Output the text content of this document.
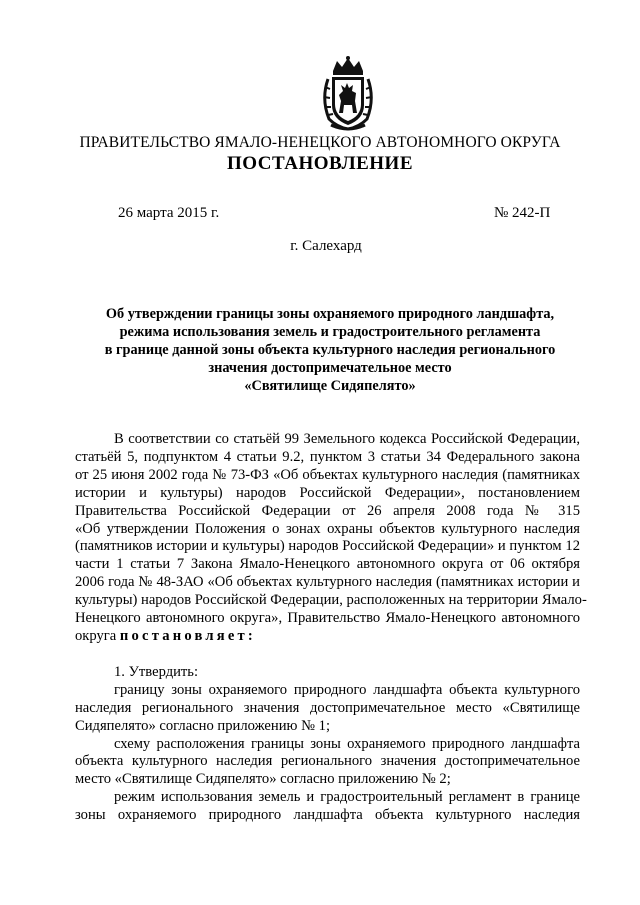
ПРАВИТЕЛЬСТВО ЯМАЛО-НЕНЕЦКОГО АВТОНОМНОГО ОКРУГА
ПОСТАНОВЛЕНИЕ
26 марта 2015 г.	№ 242-П
г. Салехард
Об утверждении границы зоны охраняемого природного ландшафта,
режима использования земель и градостроительного регламента
в границе данной зоны объекта культурного наследия регионального
значения достопримечательное место
«Святилище Сидяпелято»
В соответствии со статьёй 99 Земельного кодекса Российской Федерации,
статьёй 5, подпунктом 4 статьи 9.2, пунктом 3 статьи 34 Федерального закона
от 25 июня 2002 года № 73-ФЗ «Об объектах культурного наследия (памятниках
истории и культуры) народов Российской Федерации», постановлением
Правительства Российской Федерации от 26 апреля 2008 года № 315
«Об утверждении Положения о зонах охраны объектов культурного наследия
(памятников истории и культуры) народов Российской Федерации» и пунктом 12
части 1 статьи 7 Закона Ямало-Ненецкого автономного округа от 06 октября
2006 года № 48-ЗАО «Об объектах культурного наследия (памятниках истории и
культуры) народов Российской Федерации, расположенных на территории Ямало-
Ненецкого автономного округа», Правительство Ямало-Ненецкого автономного
округа постановляет:
1. Утвердить:
границу зоны охраняемого природного ландшафта объекта культурного
наследия регионального значения достопримечательное место «Святилище
Сидяпелято» согласно приложению № 1;
схему расположения границы зоны охраняемого природного ландшафта
объекта культурного наследия регионального значения достопримечательное
место «Святилище Сидяпелято» согласно приложению № 2;
режим использования земель и градостроительный регламент в границе
зоны охраняемого природного ландшафта объекта культурного наследия
